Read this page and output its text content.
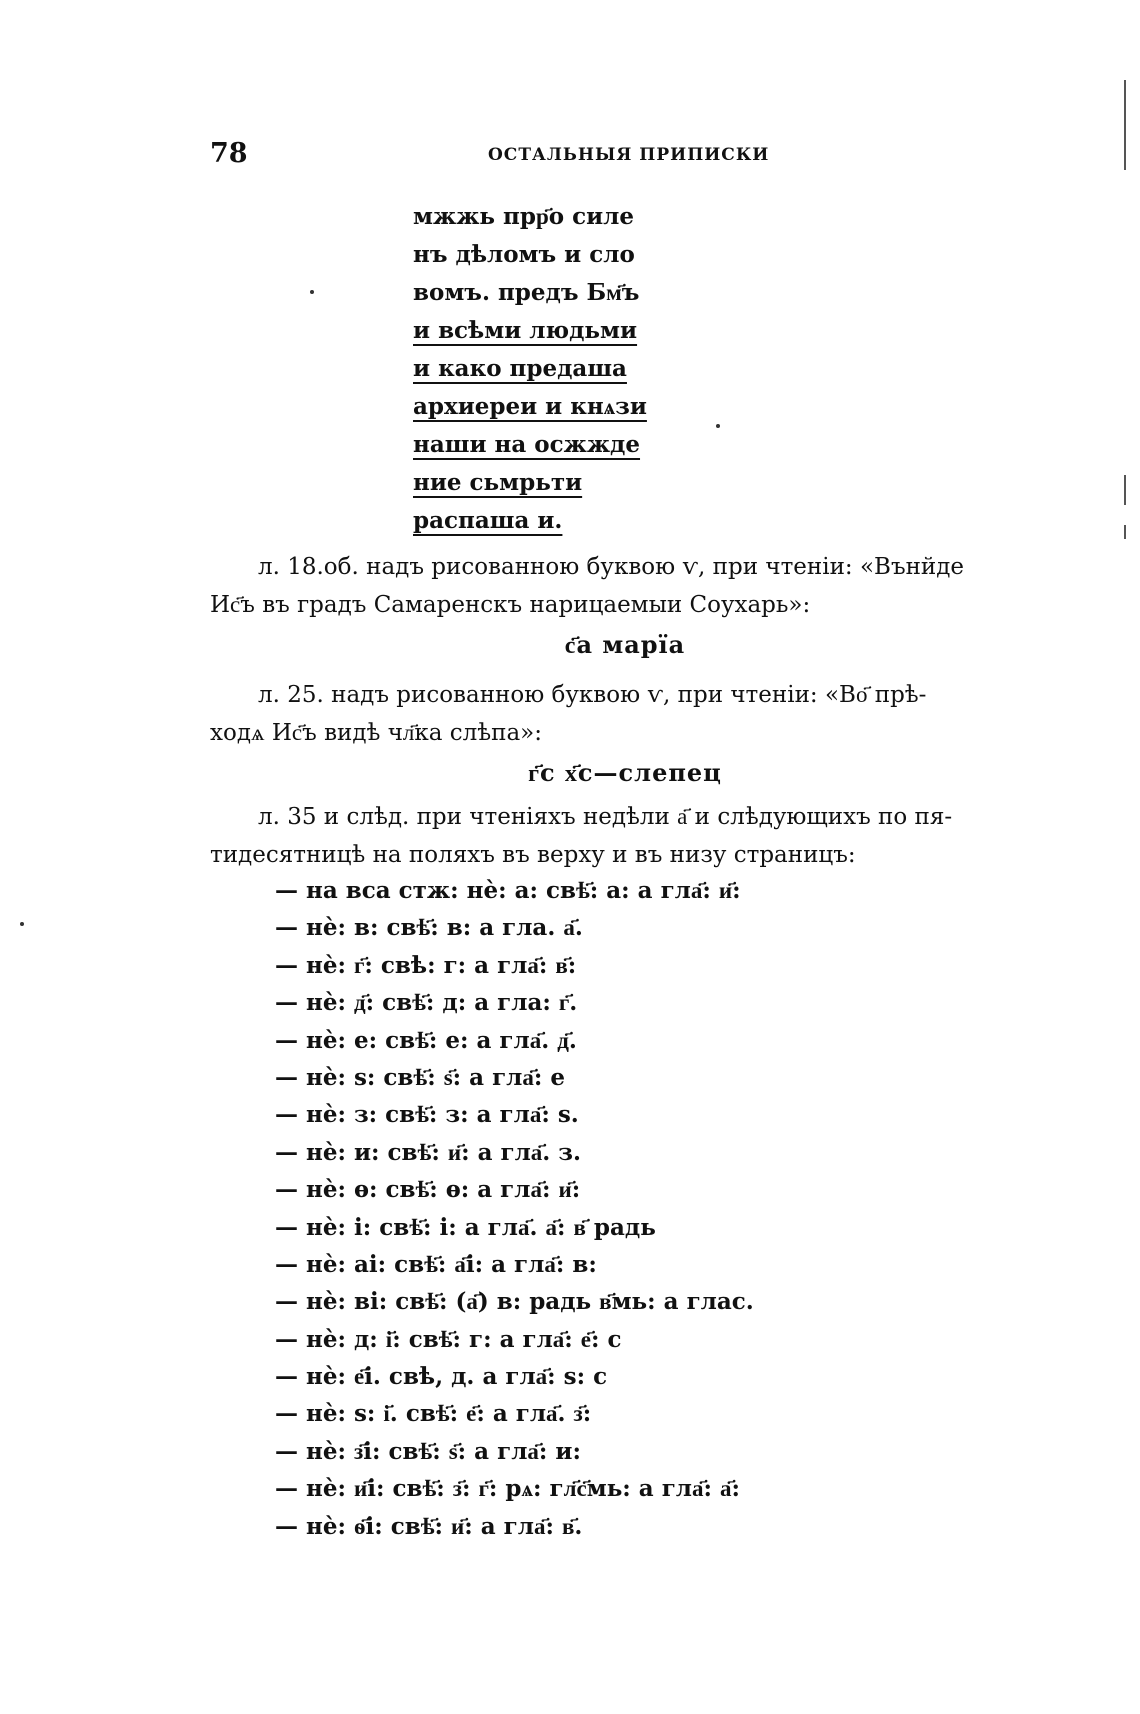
78	ОСТАЛЬНЫЯ ПРИПИСКИ
мжжь прр҃о силе
нъ дѣломъ и сло
вомъ. предъ Бм҃ъ
и всѣми людьми
и како предаша
архиереи и кнѧзи
наши на осжжде
ние сьмрьти
распаша и.
л. 18.об. надъ рисованною буквою ѵ, при чтеніи: «Вънйде
Ис҃ъ въ градъ Самаренскъ нарицаемыи Соухарь»:
с҃а марїа
л. 25. надъ рисованною буквою ѵ, при чтеніи: «Во҃ прѣ-
ходѧ Ис҃ъ видѣ чл҃ка слѣпа»:
г҃с х҃с—слепец
л. 35 и слѣд. при чтеніяхъ недѣли а҃ и слѣдующихъ по пя-
тидесятницѣ на поляхъ въ верху и въ низу страницъ:
— на вса стж: нѐ: а: свѣ҃: а: а гла҃: и҃:
— нѐ: в: свѣ҃: в: а гла. а҃.
— нѐ: г҃: свѣ: г: а гла҃: в҃:
— нѐ: д҃: свѣ҃: д: а гла: г҃.
— нѐ: е: свѣ҃: е: а гла҃. д҃.
— нѐ: ѕ: свѣ҃: ѕ҃: а гла҃: е
— нѐ: з: свѣ҃: з: а гла҃: ѕ.
— нѐ: и: свѣ҃: и҃: а гла҃. з.
— нѐ: ѳ: свѣ҃: ѳ: а гла҃: и҃:
— нѐ: і: свѣ҃: і: а гла҃. а҃: в҃ радь
— нѐ: аі: свѣ҃: а҃і: а гла҃: в:
— нѐ: ві: свѣ҃: (а҃) в: радь в҃мь: а глас.
— нѐ: д: і҃: свѣ҃: г: а гла҃: е҃: с
— нѐ: е҃і. свѣ, д. а гла҃: ѕ: с
— нѐ: ѕ: і҃. свѣ҃: е҃: а гла҃. з҃:
— нѐ: з҃і: свѣ҃: ѕ҃: а гла҃: и:
— нѐ: и҃і: свѣ҃: з҃: г҃: рѧ: гл҃с҃мь: а гла҃: а҃:
— нѐ: ѳ҃і: свѣ҃: и҃: а гла҃: в҃.
